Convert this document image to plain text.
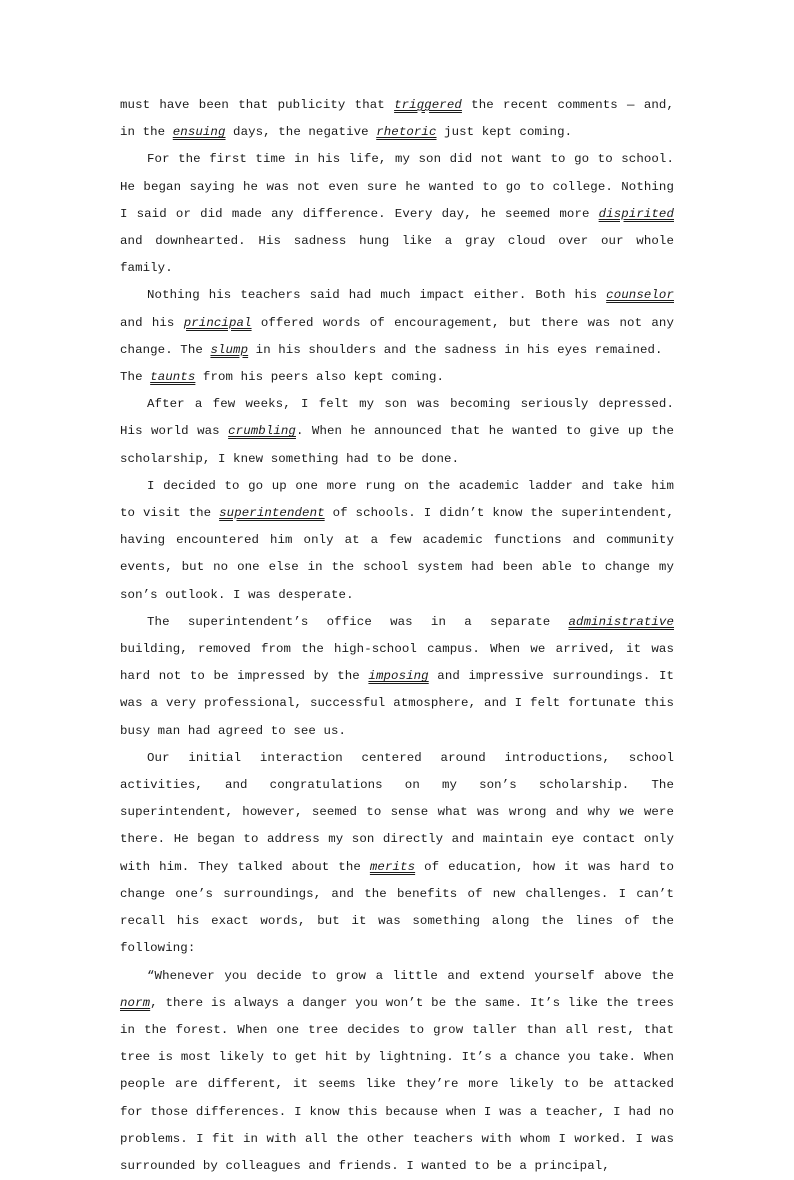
must have been that publicity that triggered the recent comments — and, in the ensuing days, the negative rhetoric just kept coming.

For the first time in his life, my son did not want to go to school. He began saying he was not even sure he wanted to go to college. Nothing I said or did made any difference. Every day, he seemed more dispirited and downhearted. His sadness hung like a gray cloud over our whole family.

Nothing his teachers said had much impact either. Both his counselor and his principal offered words of encouragement, but there was not any change. The slump in his shoulders and the sadness in his eyes remained.

The taunts from his peers also kept coming.

After a few weeks, I felt my son was becoming seriously depressed. His world was crumbling. When he announced that he wanted to give up the scholarship, I knew something had to be done.

I decided to go up one more rung on the academic ladder and take him to visit the superintendent of schools. I didn’t know the superintendent, having encountered him only at a few academic functions and community events, but no one else in the school system had been able to change my son’s outlook. I was desperate.

The superintendent’s office was in a separate administrative building, removed from the high-school campus. When we arrived, it was hard not to be impressed by the imposing and impressive surroundings. It was a very professional, successful atmosphere, and I felt fortunate this busy man had agreed to see us.

Our initial interaction centered around introductions, school activities, and congratulations on my son’s scholarship. The superintendent, however, seemed to sense what was wrong and why we were there. He began to address my son directly and maintain eye contact only with him. They talked about the merits of education, how it was hard to change one’s surroundings, and the benefits of new challenges. I can’t recall his exact words, but it was something along the lines of the following:

“Whenever you decide to grow a little and extend yourself above the norm, there is always a danger you won’t be the same. It’s like the trees in the forest. When one tree decides to grow taller than all rest, that tree is most likely to get hit by lightning. It’s a chance you take. When people are different, it seems like they’re more likely to be attacked for those differences. I know this because when I was a teacher, I had no problems. I fit in with all the other teachers with whom I worked. I was surrounded by colleagues and friends. I wanted to be a principal,
